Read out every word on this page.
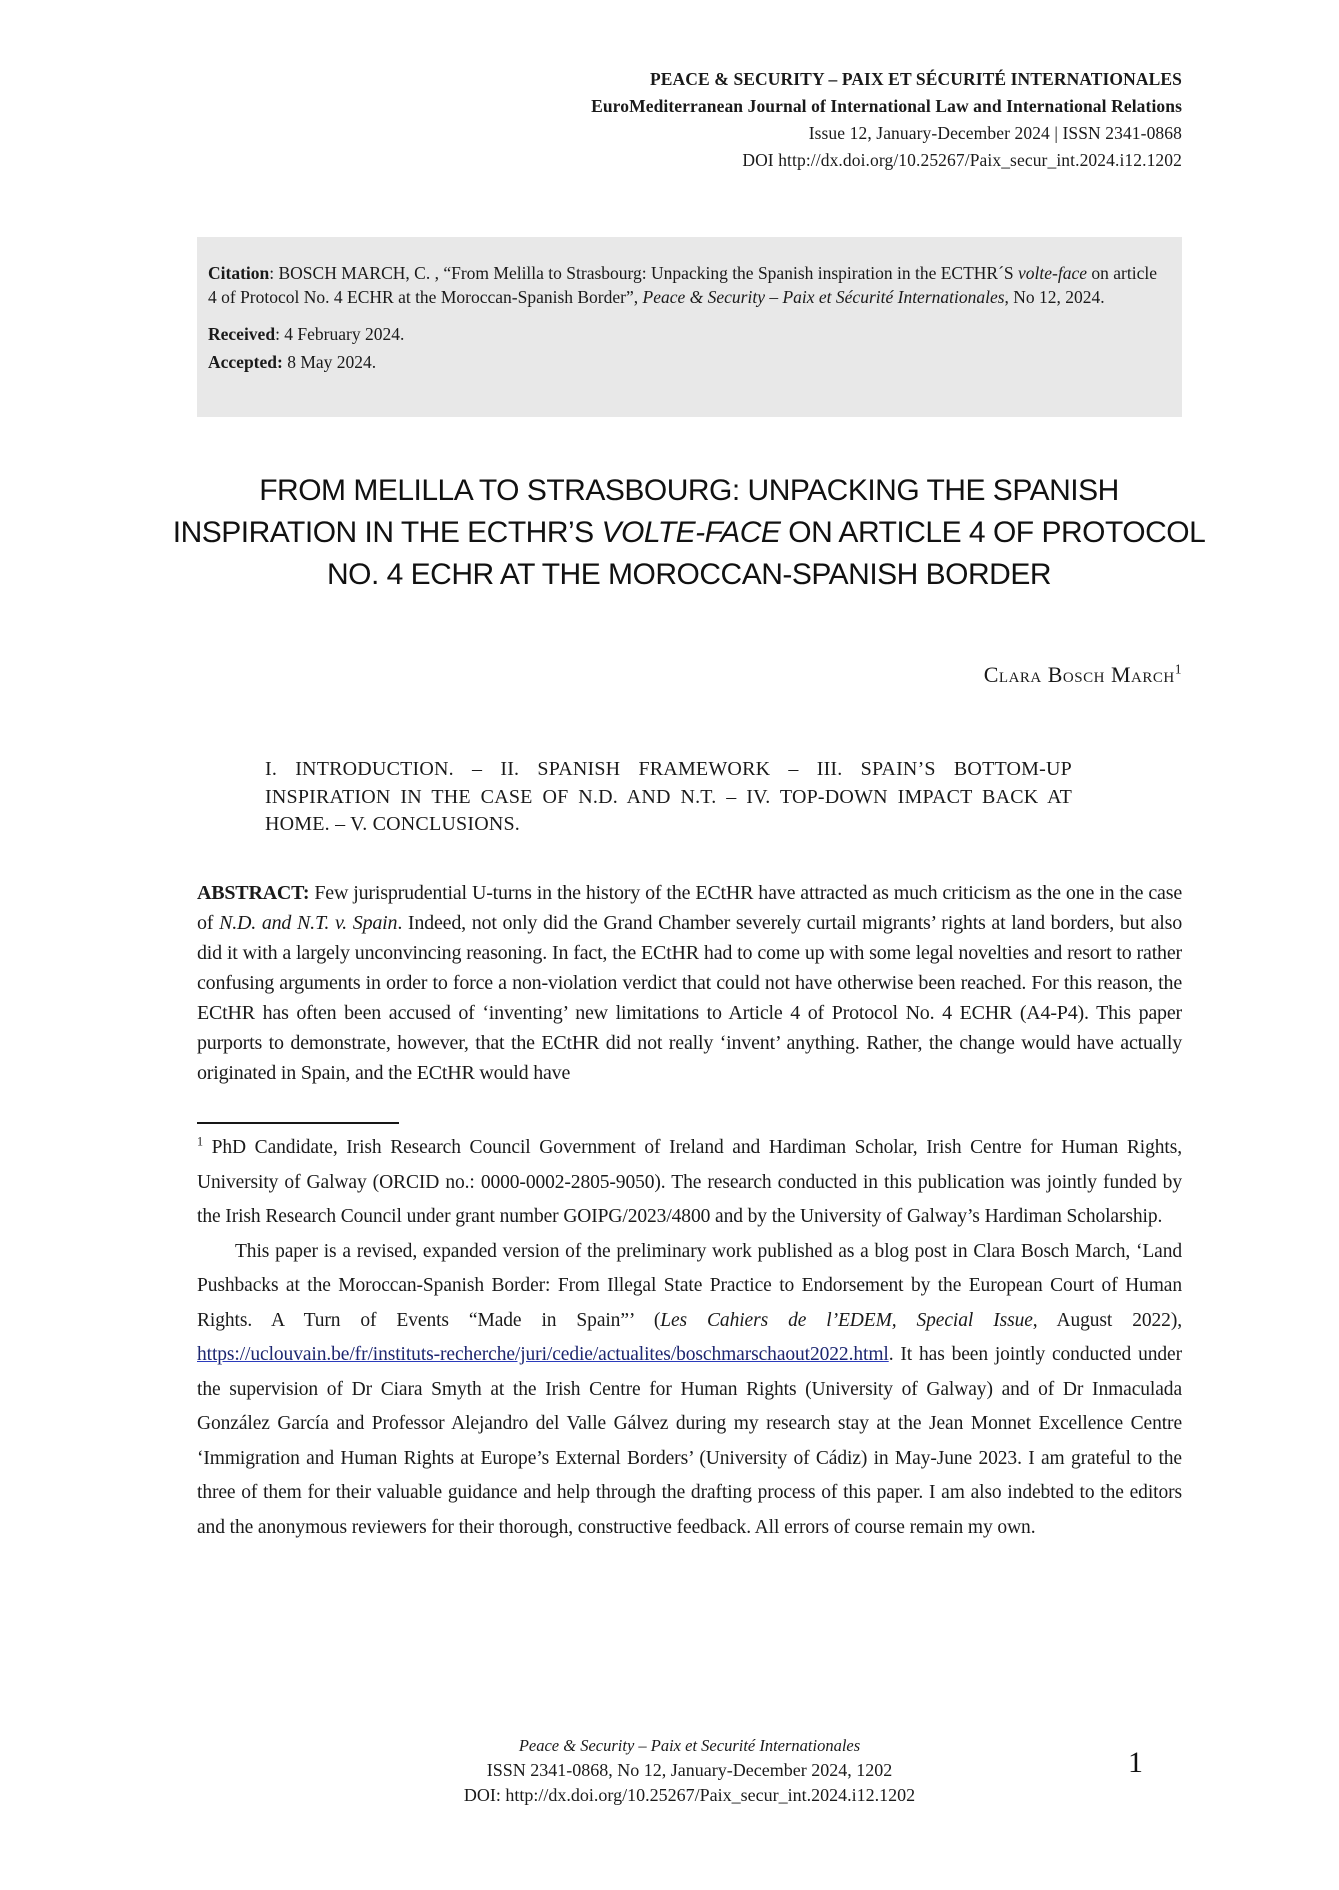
PEACE & SECURITY – PAIX ET SÉCURITÉ INTERNATIONALES
EuroMediterranean Journal of International Law and International Relations
Issue 12, January-December 2024 | ISSN 2341-0868
DOI http://dx.doi.org/10.25267/Paix_secur_int.2024.i12.1202

Citation: BOSCH MARCH, C. , “From Melilla to Strasbourg: Unpacking the Spanish inspiration in the ECTHR´S volte-face on article 4 of Protocol No. 4 ECHR at the Moroccan-Spanish Border”, Peace & Security – Paix et Sécurité Internationales, No 12, 2024.

Received: 4 February 2024.

Accepted: 8 May 2024.

FROM MELILLA TO STRASBOURG: UNPACKING THE SPANISH INSPIRATION IN THE ECTHR’S VOLTE-FACE ON ARTICLE 4 OF PROTOCOL NO. 4 ECHR AT THE MOROCCAN-SPANISH BORDER
Clara Bosch March$^1$
I. INTRODUCTION. – II. SPANISH FRAMEWORK – III. SPAIN’S BOTTOM-UP INSPIRATION IN THE CASE OF N.D. AND N.T. – IV. TOP-DOWN IMPACT BACK AT HOME. – V. CONCLUSIONS.

ABSTRACT: Few jurisprudential U-turns in the history of the ECtHR have attracted as much criticism as the one in the case of N.D. and N.T. v. Spain. Indeed, not only did the Grand Chamber severely curtail migrants’ rights at land borders, but also did it with a largely unconvincing reasoning. In fact, the ECtHR had to come up with some legal novelties and resort to rather confusing arguments in order to force a non-violation verdict that could not have otherwise been reached. For this reason, the ECtHR has often been accused of ‘inventing’ new limitations to Article 4 of Protocol No. 4 ECHR (A4-P4). This paper purports to demonstrate, however, that the ECtHR did not really ‘invent’ anything. Rather, the change would have actually originated in Spain, and the ECtHR would have

$^1$ PhD Candidate, Irish Research Council Government of Ireland and Hardiman Scholar, Irish Centre for Human Rights, University of Galway (ORCID no.: 0000-0002-2805-9050). The research conducted in this publication was jointly funded by the Irish Research Council under grant number GOIPG/2023/4800 and by the University of Galway’s Hardiman Scholarship.

This paper is a revised, expanded version of the preliminary work published as a blog post in Clara Bosch March, ‘Land Pushbacks at the Moroccan-Spanish Border: From Illegal State Practice to Endorsement by the European Court of Human Rights. A Turn of Events “Made in Spain”’ (Les Cahiers de l’EDEM, Special Issue, August 2022), https://uclouvain.be/fr/instituts-recherche/juri/cedie/actualites/boschmarschaout2022.html. It has been jointly conducted under the supervision of Dr Ciara Smyth at the Irish Centre for Human Rights (University of Galway) and of Dr Inmaculada González García and Professor Alejandro del Valle Gálvez during my research stay at the Jean Monnet Excellence Centre ‘Immigration and Human Rights at Europe’s External Borders’ (University of Cádiz) in May-June 2023. I am grateful to the three of them for their valuable guidance and help through the drafting process of this paper. I am also indebted to the editors and the anonymous reviewers for their thorough, constructive feedback. All errors of course remain my own.

Peace & Security – Paix et Securité Internationales
ISSN 2341-0868, No 12, January-December 2024, 1202
DOI: http://dx.doi.org/10.25267/Paix_secur_int.2024.i12.1202
1
